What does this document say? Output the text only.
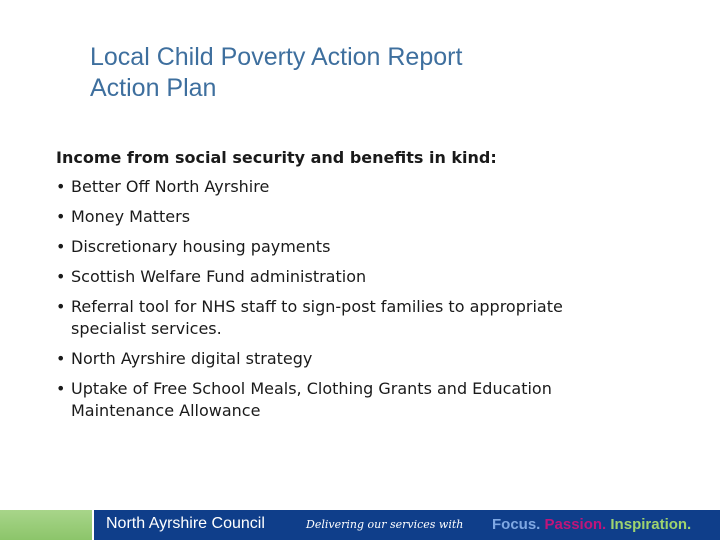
Local Child Poverty Action Report
Action Plan
Income from social security and benefits in kind:
• Better Off North Ayrshire
• Money Matters
• Discretionary housing payments
• Scottish Welfare Fund administration
• Referral tool for NHS staff to sign-post families to appropriate specialist services.
• North Ayrshire digital strategy
• Uptake of Free School Meals, Clothing Grants and Education Maintenance Allowance
North Ayrshire Council	Delivering our services with Focus. Passion. Inspiration.
